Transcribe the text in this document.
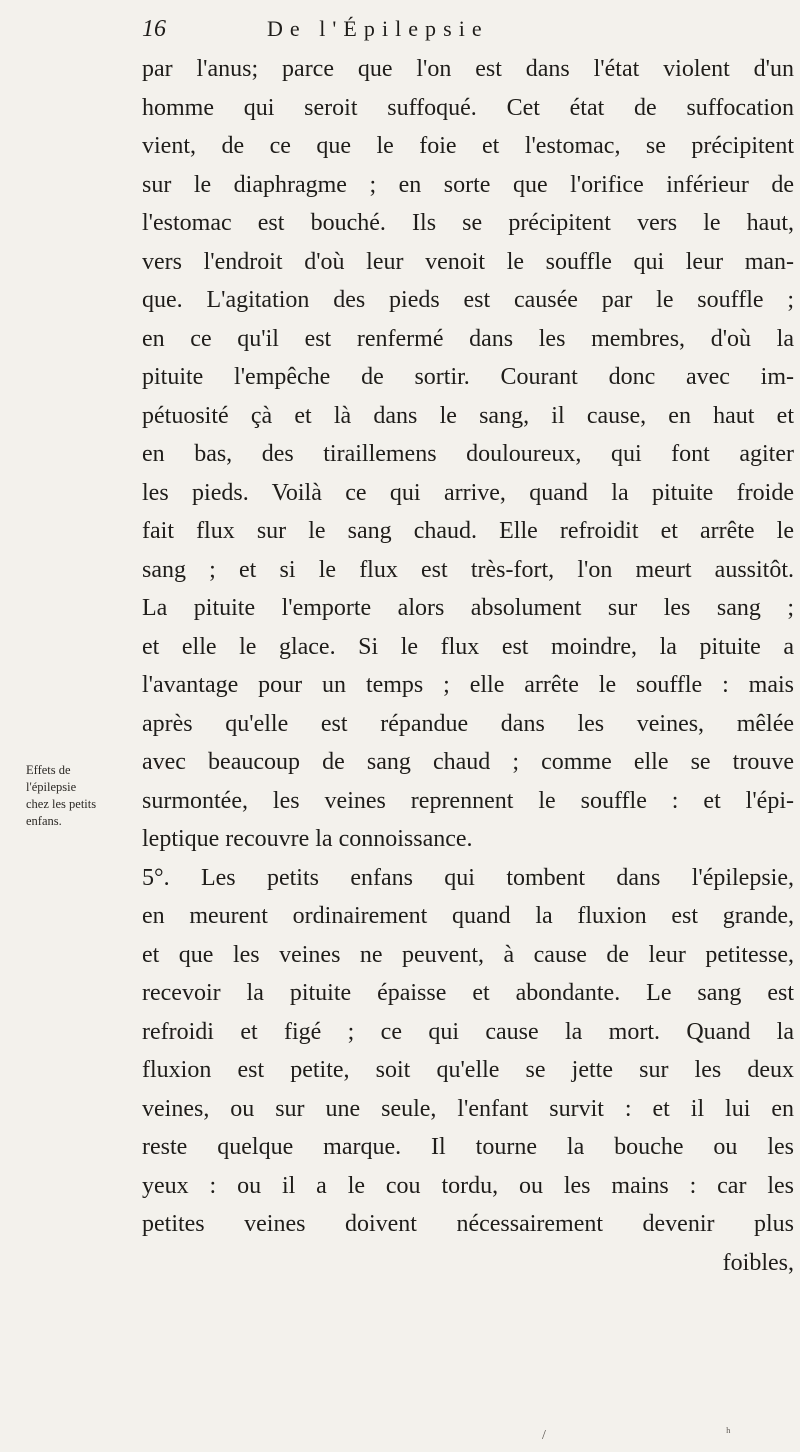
16	De l'Épilepsie
Effets de
l'épilepsie
chez les petits
enfans.
par l'anus; parce que l'on est dans l'état violent d'un
homme qui seroit suffoqué. Cet état de suffocation
vient, de ce que le foie et l'estomac, se précipitent
sur le diaphragme ; en sorte que l'orifice inférieur de
l'estomac est bouché. Ils se précipitent vers le haut,
vers l'endroit d'où leur venoit le souffle qui leur man-
que. L'agitation des pieds est causée par le souffle ;
en ce qu'il est renfermé dans les membres, d'où la
pituite l'empêche de sortir. Courant donc avec im-
pétuosité çà et là dans le sang, il cause, en haut et
en bas, des tiraillemens douloureux, qui font agiter
les pieds. Voilà ce qui arrive, quand la pituite froide
fait flux sur le sang chaud. Elle refroidit et arrête le
sang ; et si le flux est très-fort, l'on meurt aussitôt.
La pituite l'emporte alors absolument sur les sang ;
et elle le glace. Si le flux est moindre, la pituite a
l'avantage pour un temps ; elle arrête le souffle : mais
après qu'elle est répandue dans les veines, mêlée
avec beaucoup de sang chaud ; comme elle se trouve
surmontée, les veines reprennent le souffle : et l'épi-
leptique recouvre la connoissance.
5°. Les petits enfans qui tombent dans l'épilepsie,
en meurent ordinairement quand la fluxion est grande,
et que les veines ne peuvent, à cause de leur petitesse,
recevoir la pituite épaisse et abondante. Le sang est
refroidi et figé ; ce qui cause la mort. Quand la
fluxion est petite, soit qu'elle se jette sur les deux
veines, ou sur une seule, l'enfant survit : et il lui en
reste quelque marque. Il tourne la bouche ou les
yeux : ou il a le cou tordu, ou les mains : car les
petites veines doivent nécessairement devenir plus
foibles,
/	ʰ
